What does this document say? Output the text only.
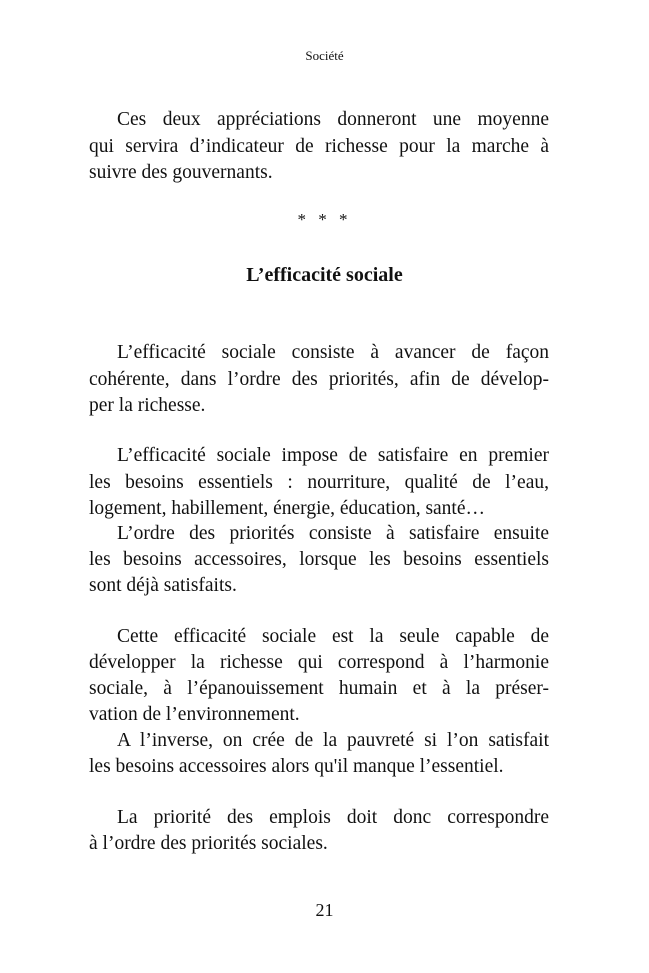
Société
Ces deux appréciations donneront une moyenne
qui servira d’indicateur de richesse pour la marche à
suivre des gouvernants.
* * *
L’efficacité sociale
L’efficacité sociale consiste à avancer de façon
cohérente, dans l’ordre des priorités, afin de dévelop-
per la richesse.
L’efficacité sociale impose de satisfaire en premier
les besoins essentiels : nourriture, qualité de l’eau,
logement, habillement, énergie, éducation, santé…
L’ordre des priorités consiste à satisfaire ensuite
les besoins accessoires, lorsque les besoins essentiels
sont déjà satisfaits.
Cette efficacité sociale est la seule capable de
développer la richesse qui correspond à l’harmonie
sociale, à l’épanouissement humain et à la préser-
vation de l’environnement.
A l’inverse, on crée de la pauvreté si l’on satisfait
les besoins accessoires alors qu'il manque l’essentiel.
La priorité des emplois doit donc correspondre
à l’ordre des priorités sociales.
21
